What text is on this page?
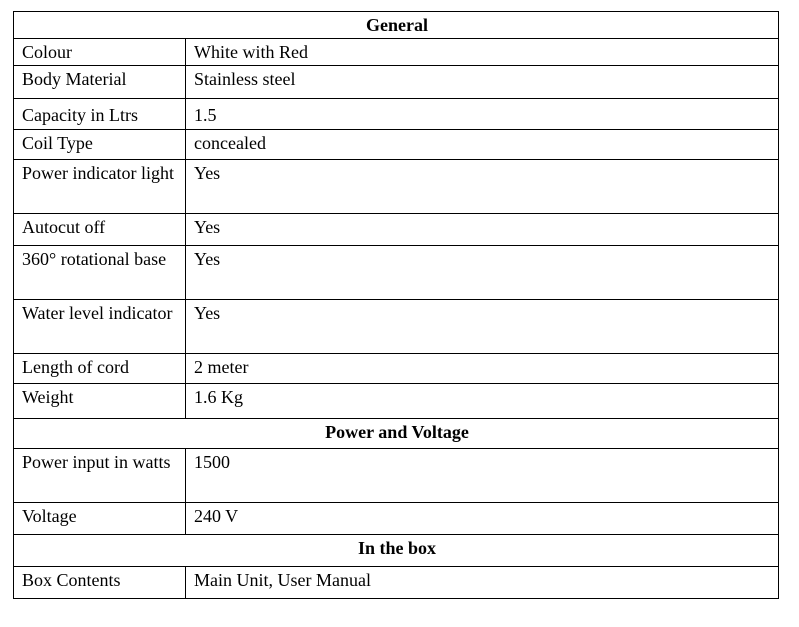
General	
Colour	White with Red
Body Material	Stainless steel
Capacity in Ltrs	1.5
Coil Type	concealed
Power indicator light	Yes
Autocut off	Yes
360° rotational base	Yes
Water level indicator	Yes
Length of cord	2 meter
Weight	1.6 Kg
Power and Voltage	
Power input in watts	1500
Voltage	240 V
In the box	
Box Contents	Main Unit, User Manual
